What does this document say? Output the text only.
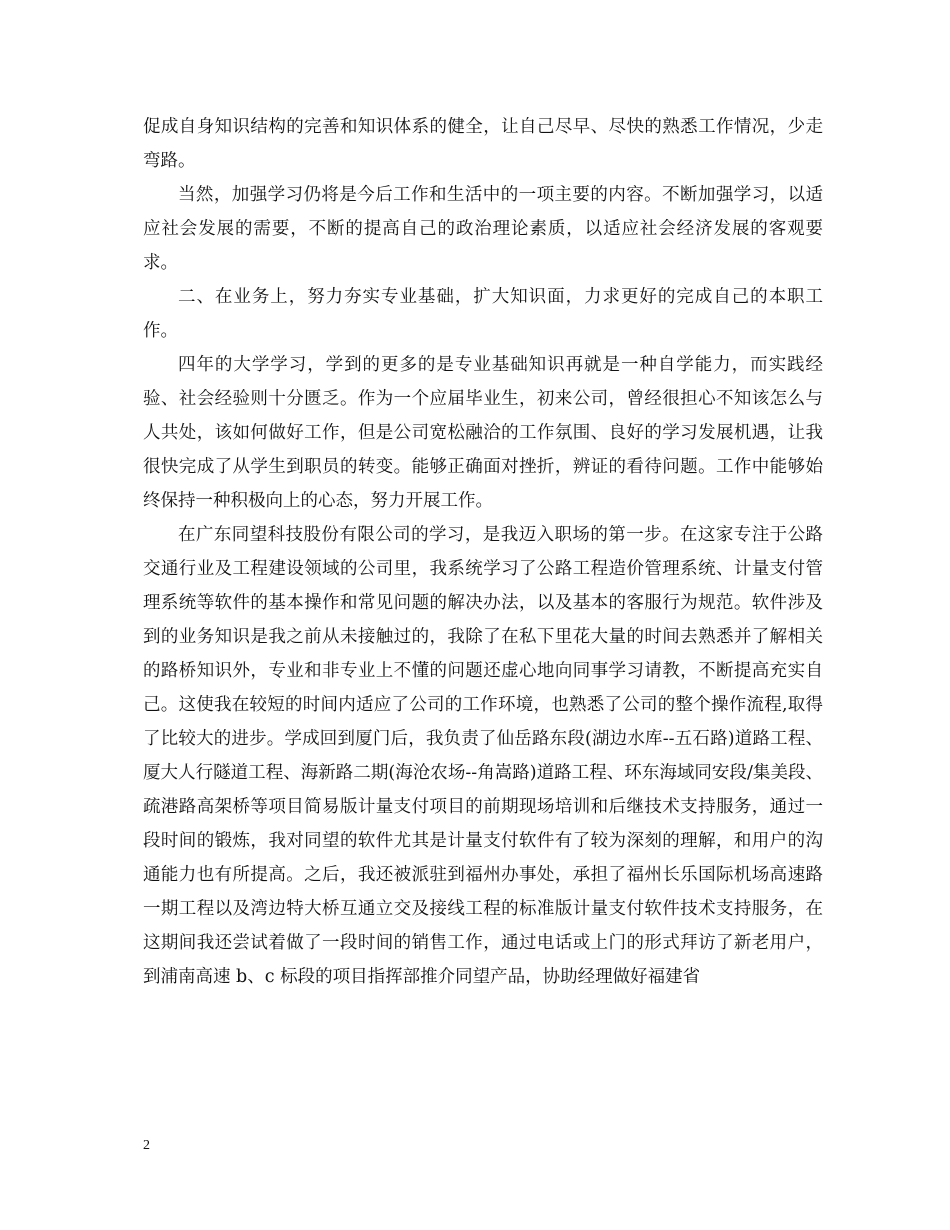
促成自身知识结构的完善和知识体系的健全，让自己尽早、尽快的熟悉工作情况，少走弯路。

当然，加强学习仍将是今后工作和生活中的一项主要的内容。不断加强学习，以适应社会发展的需要，不断的提高自己的政治理论素质，以适应社会经济发展的客观要求。

二、在业务上，努力夯实专业基础，扩大知识面，力求更好的完成自己的本职工作。

四年的大学学习，学到的更多的是专业基础知识再就是一种自学能力，而实践经验、社会经验则十分匮乏。作为一个应届毕业生，初来公司，曾经很担心不知该怎么与人共处，该如何做好工作，但是公司宽松融洽的工作氛围、良好的学习发展机遇，让我很快完成了从学生到职员的转变。能够正确面对挫折，辨证的看待问题。工作中能够始终保持一种积极向上的心态，努力开展工作。

在广东同望科技股份有限公司的学习，是我迈入职场的第一步。在这家专注于公路交通行业及工程建设领域的公司里，我系统学习了公路工程造价管理系统、计量支付管理系统等软件的基本操作和常见问题的解决办法，以及基本的客服行为规范。软件涉及到的业务知识是我之前从未接触过的，我除了在私下里花大量的时间去熟悉并了解相关的路桥知识外，专业和非专业上不懂的问题还虚心地向同事学习请教，不断提高充实自己。这使我在较短的时间内适应了公司的工作环境，也熟悉了公司的整个操作流程,取得了比较大的进步。学成回到厦门后，我负责了仙岳路东段(湖边水库--五石路)道路工程、厦大人行隧道工程、海新路二期(海沧农场--角嵩路)道路工程、环东海域同安段/集美段、疏港路高架桥等项目简易版计量支付项目的前期现场培训和后继技术支持服务，通过一段时间的锻炼，我对同望的软件尤其是计量支付软件有了较为深刻的理解，和用户的沟通能力也有所提高。之后，我还被派驻到福州办事处，承担了福州长乐国际机场高速路一期工程以及湾边特大桥互通立交及接线工程的标准版计量支付软件技术支持服务，在这期间我还尝试着做了一段时间的销售工作，通过电话或上门的形式拜访了新老用户，到浦南高速 b、c 标段的项目指挥部推介同望产品，协助经理做好福建省

2
